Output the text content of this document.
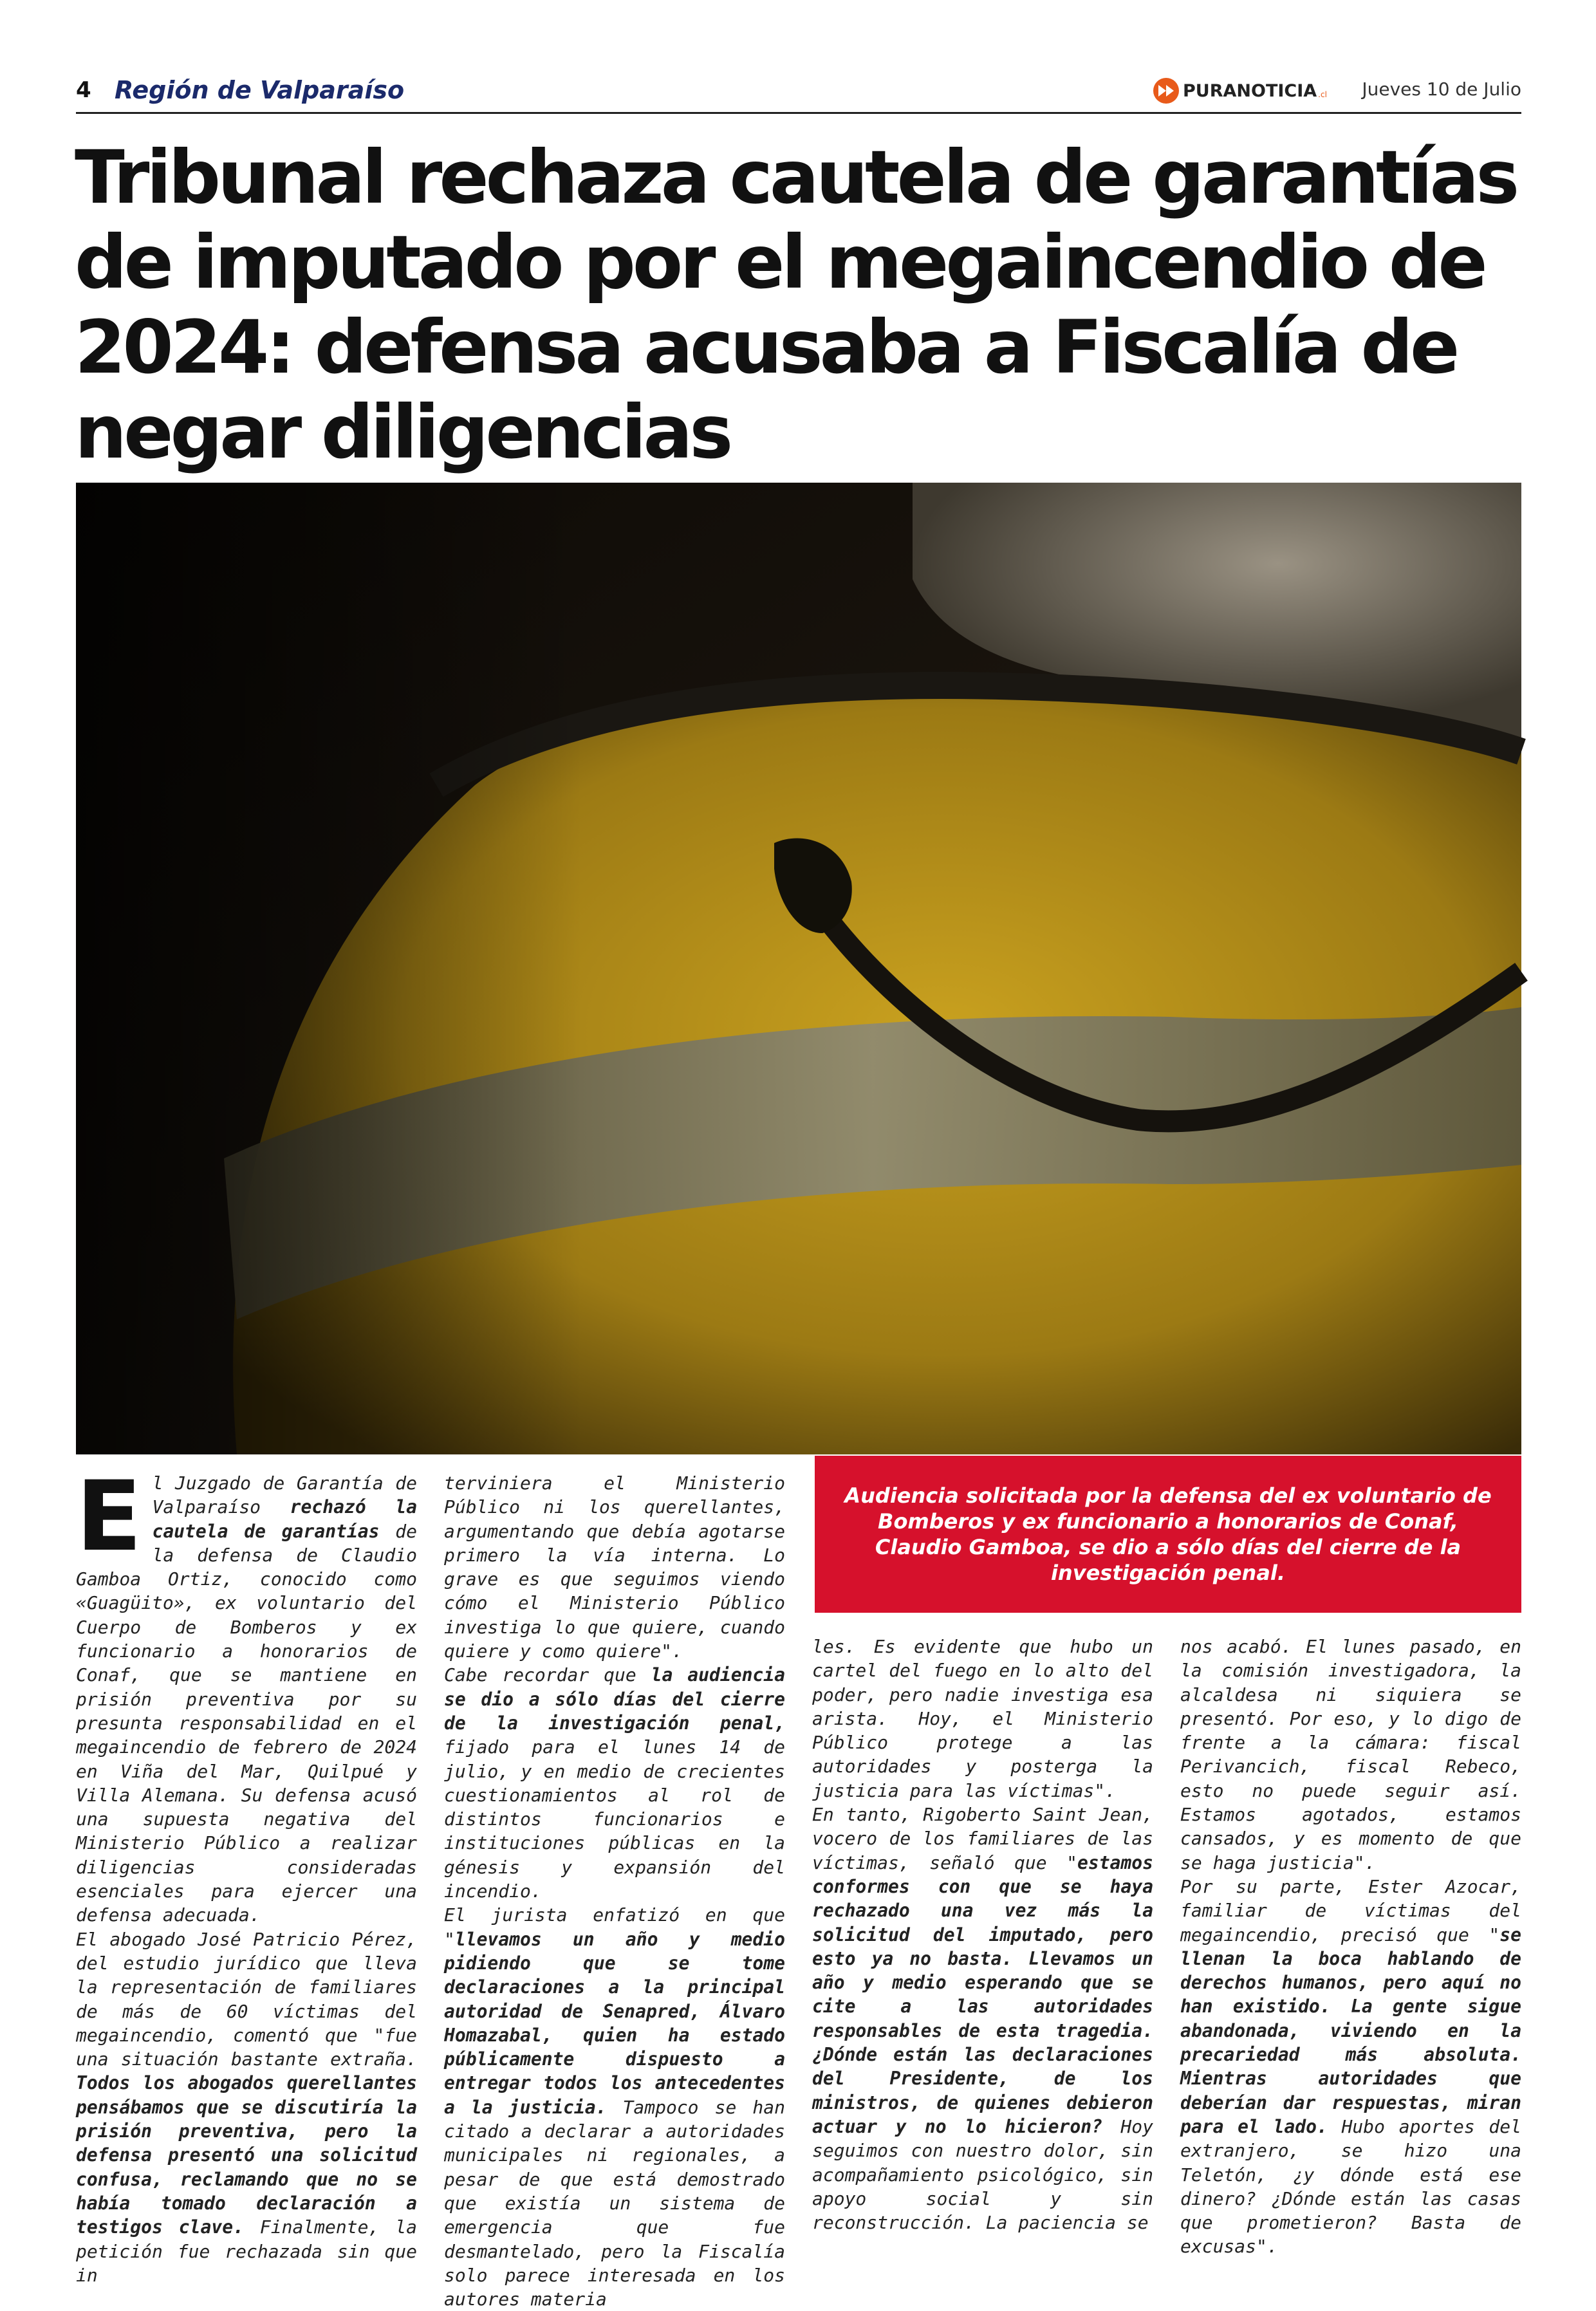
4 Región de Valparaíso	PURANOTICIA .cl Jueves 10 de Julio
Tribunal rechaza cautela de garantías de imputado por el megaincendio de 2024: defensa acusaba a Fiscalía de negar diligencias

El Juzgado de Garantía de Valparaíso rechazó la cautela de garantías de la defensa de Claudio Gamboa Ortiz, conocido como «Guagüito», ex voluntario del Cuerpo de Bomberos y ex funcionario a honorarios de Conaf, que se mantiene en prisión preventiva por su presunta responsabilidad en el megaincendio de febrero de 2024 en Viña del Mar, Quilpué y Villa Alemana. Su defensa acusó una supuesta negativa del Ministerio Público a realizar diligencias consideradas esenciales para ejercer una defensa adecuada.

El abogado José Patricio Pérez, del estudio jurídico que lleva la representación de familiares de más de 60 víctimas del megaincendio, comentó que "fue una situación bastante extraña. Todos los abogados querellantes pensábamos que se discutiría la prisión preventiva, pero la defensa presentó una solicitud confusa, reclamando que no se había tomado declaración a testigos clave. Finalmente, la petición fue rechazada sin que in

terviniera el Ministerio Público ni los querellantes, argumentando que debía agotarse primero la vía interna. Lo grave es que seguimos viendo cómo el Ministerio Público investiga lo que quiere, cuando quiere y como quiere".

Cabe recordar que la audiencia se dio a sólo días del cierre de la investigación penal, fijado para el lunes 14 de julio, y en medio de crecientes cuestionamientos al rol de distintos funcionarios e instituciones públicas en la génesis y expansión del incendio.

El jurista enfatizó en que "llevamos un año y medio pidiendo que se tome declaraciones a la principal autoridad de Senapred, Álvaro Homazabal, quien ha estado públicamente dispuesto a entregar todos los antecedentes a la justicia. Tampoco se han citado a declarar a autoridades municipales ni regionales, a pesar de que está demostrado que existía un sistema de emergencia que fue desmantelado, pero la Fiscalía solo parece interesada en los autores materia

Audiencia solicitada por la defensa del ex voluntario de Bomberos y ex funcionario a honorarios de Conaf, Claudio Gamboa, se dio a sólo días del cierre de la investigación penal.

les. Es evidente que hubo un cartel del fuego en lo alto del poder, pero nadie investiga esa arista. Hoy, el Ministerio Público protege a las autoridades y posterga la justicia para las víctimas".

En tanto, Rigoberto Saint Jean, vocero de los familiares de las víctimas, señaló que "estamos conformes con que se haya rechazado una vez más la solicitud del imputado, pero esto ya no basta. Llevamos un año y medio esperando que se cite a las autoridades responsables de esta tragedia. ¿Dónde están las declaraciones del Presidente, de los ministros, de quienes debieron actuar y no lo hicieron? Hoy seguimos con nuestro dolor, sin acompañamiento psicológico, sin apoyo social y sin reconstrucción. La paciencia se

nos acabó. El lunes pasado, en la comisión investigadora, la alcaldesa ni siquiera se presentó. Por eso, y lo digo de frente a la cámara: fiscal Perivancich, fiscal Rebeco, esto no puede seguir así. Estamos agotados, estamos cansados, y es momento de que se haga justicia".

Por su parte, Ester Azocar, familiar de víctimas del megaincendio, precisó que "se llenan la boca hablando de derechos humanos, pero aquí no han existido. La gente sigue abandonada, viviendo en la precariedad más absoluta. Mientras autoridades que deberían dar respuestas, miran para el lado. Hubo aportes del extranjero, se hizo una Teletón, ¿y dónde está ese dinero? ¿Dónde están las casas que prometieron? Basta de excusas".
